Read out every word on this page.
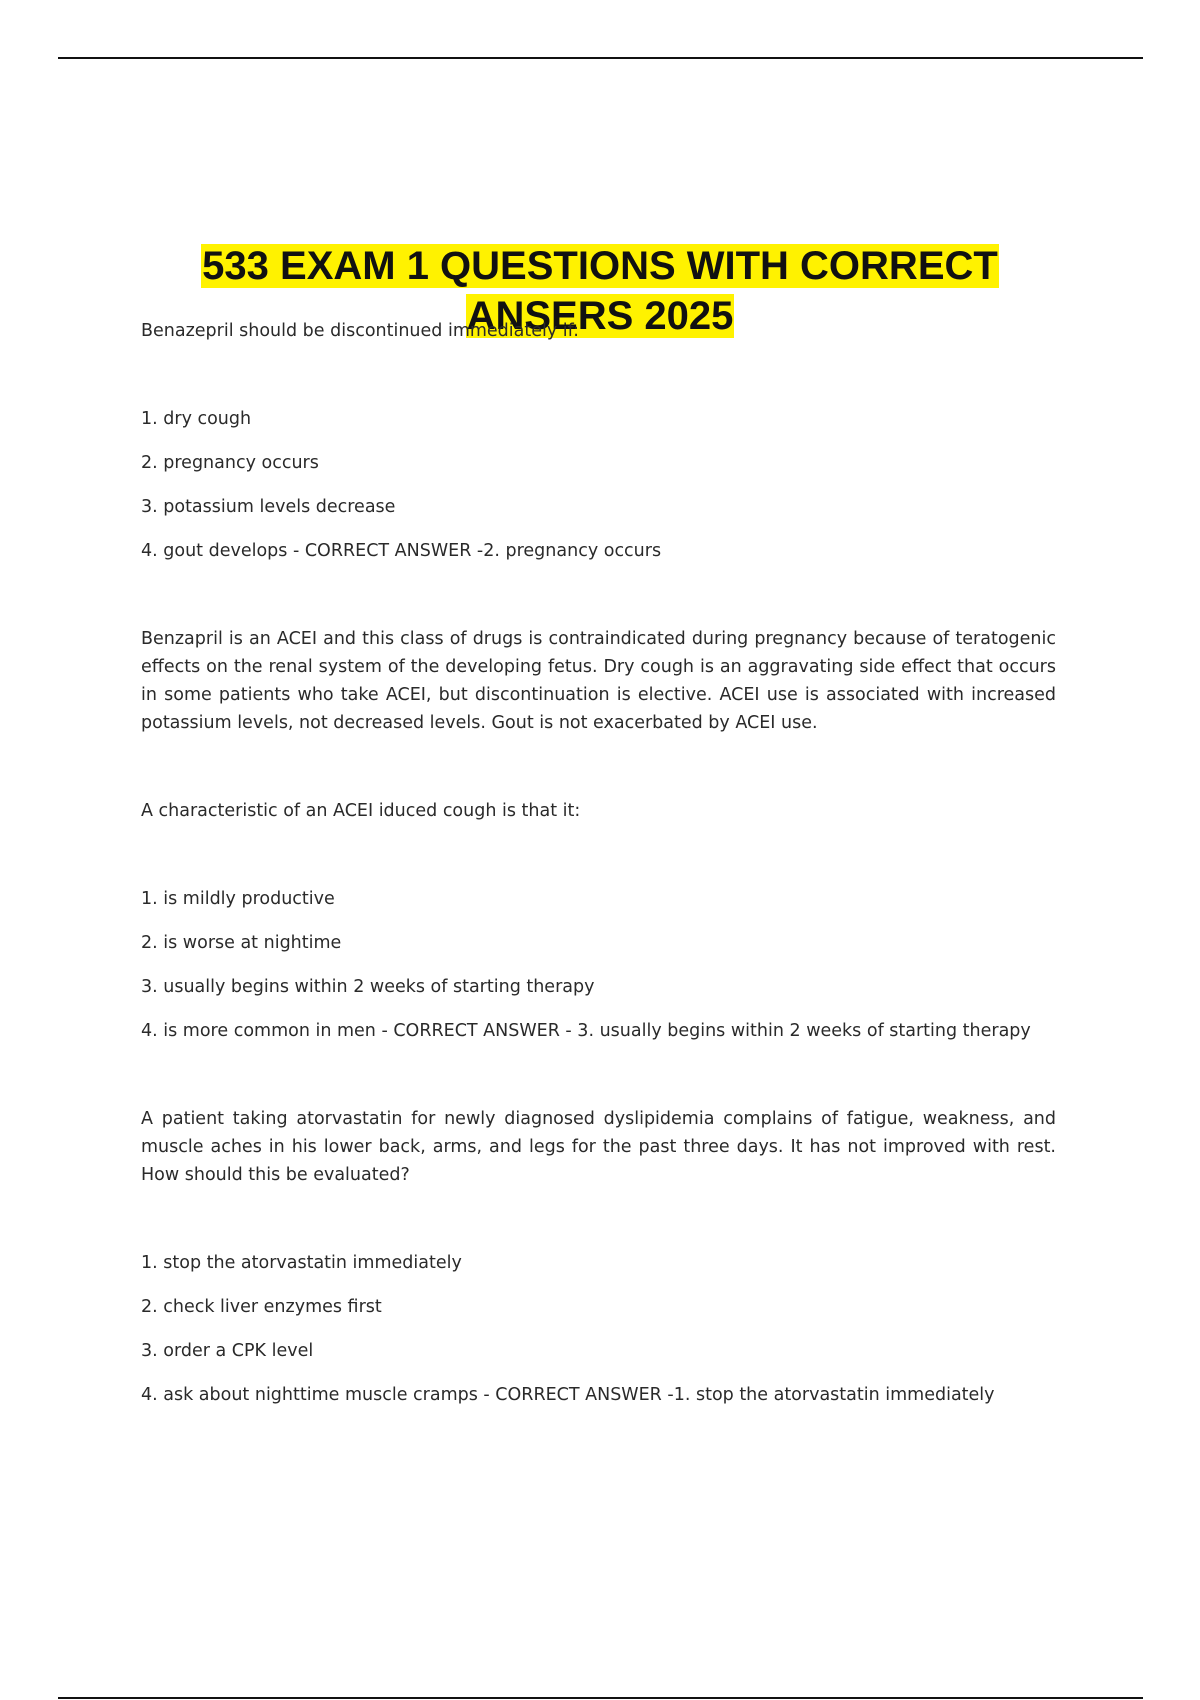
533 EXAM 1 QUESTIONS WITH CORRECT
ANSERS 2025

Benazepril should be discontinued immediately if:

1. dry cough
2. pregnancy occurs
3. potassium levels decrease
4. gout develops - CORRECT ANSWER -2. pregnancy occurs

Benzapril is an ACEI and this class of drugs is contraindicated during pregnancy because of teratogenic effects on the renal system of the developing fetus. Dry cough is an aggravating side effect that occurs in some patients who take ACEI, but discontinuation is elective. ACEI use is associated with increased potassium levels, not decreased levels. Gout is not exacerbated by ACEI use.

A characteristic of an ACEI iduced cough is that it:

1. is mildly productive
2. is worse at nightime
3. usually begins within 2 weeks of starting therapy
4. is more common in men - CORRECT ANSWER - 3. usually begins within 2 weeks of starting therapy

A patient taking atorvastatin for newly diagnosed dyslipidemia complains of fatigue, weakness, and muscle aches in his lower back, arms, and legs for the past three days. It has not improved with rest. How should this be evaluated?

1. stop the atorvastatin immediately
2. check liver enzymes first
3. order a CPK level
4. ask about nighttime muscle cramps - CORRECT ANSWER -1. stop the atorvastatin immediately
